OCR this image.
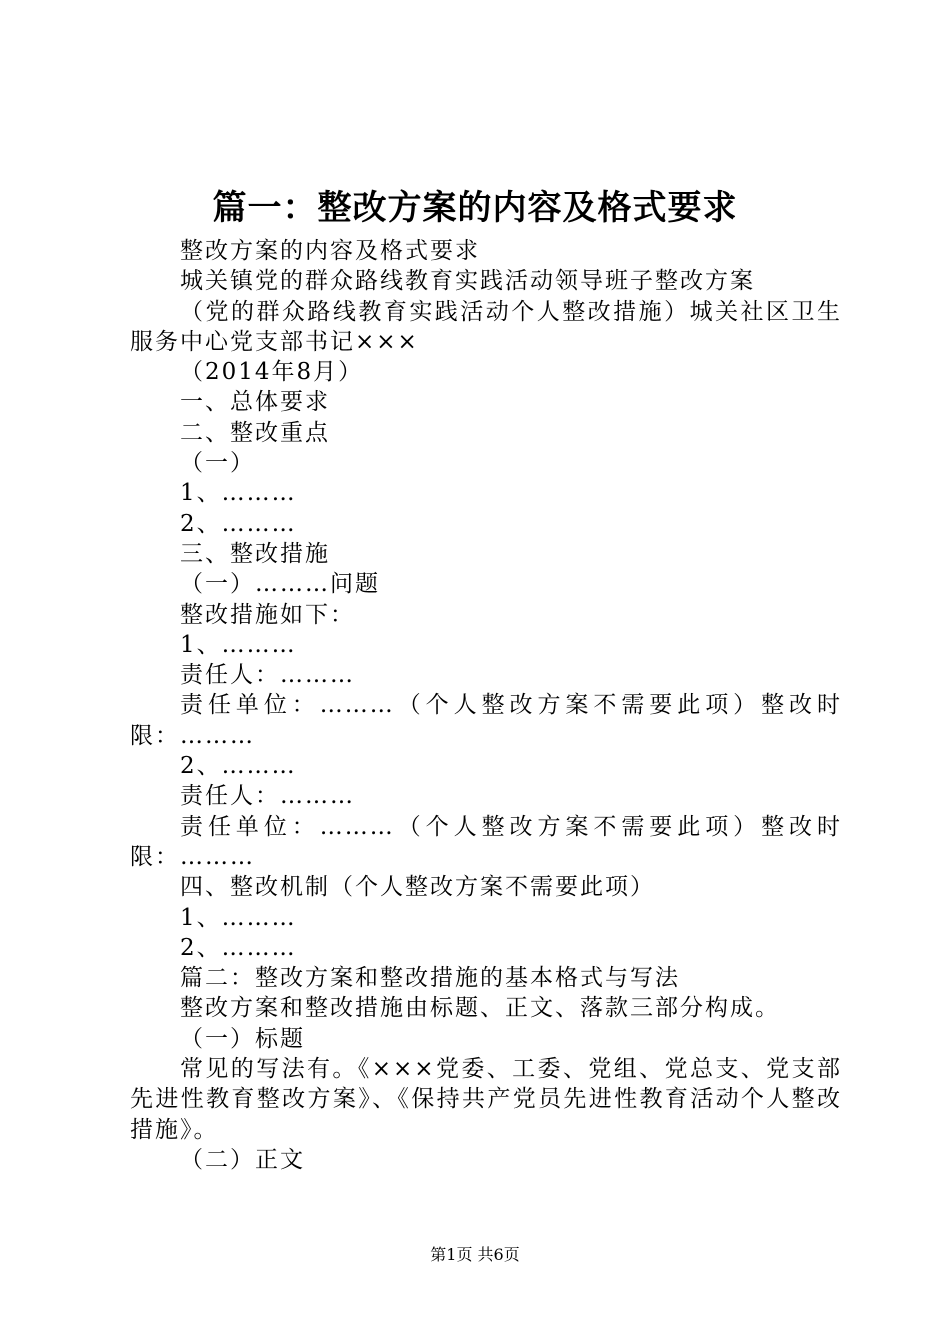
篇一：整改方案的内容及格式要求

整改方案的内容及格式要求

城关镇党的群众路线教育实践活动领导班子整改方案

（党的群众路线教育实践活动个人整改措施）城关社区卫生服务中心党支部书记×××

（2014年8月）

一、总体要求

二、整改重点

（一）

1、………

2、………

三、整改措施

（一）………问题

整改措施如下：

1、………

责任人：………

责任单位：………（个人整改方案不需要此项）整改时限：………

2、………

责任人：………

责任单位：………（个人整改方案不需要此项）整改时限：………

四、整改机制（个人整改方案不需要此项）

1、………

2、………

篇二：整改方案和整改措施的基本格式与写法

整改方案和整改措施由标题、正文、落款三部分构成。

（一）标题

常见的写法有。《×××党委、工委、党组、党总支、党支部先进性教育整改方案》、《保持共产党员先进性教育活动个人整改措施》。

（二）正文

第1页 共6页
